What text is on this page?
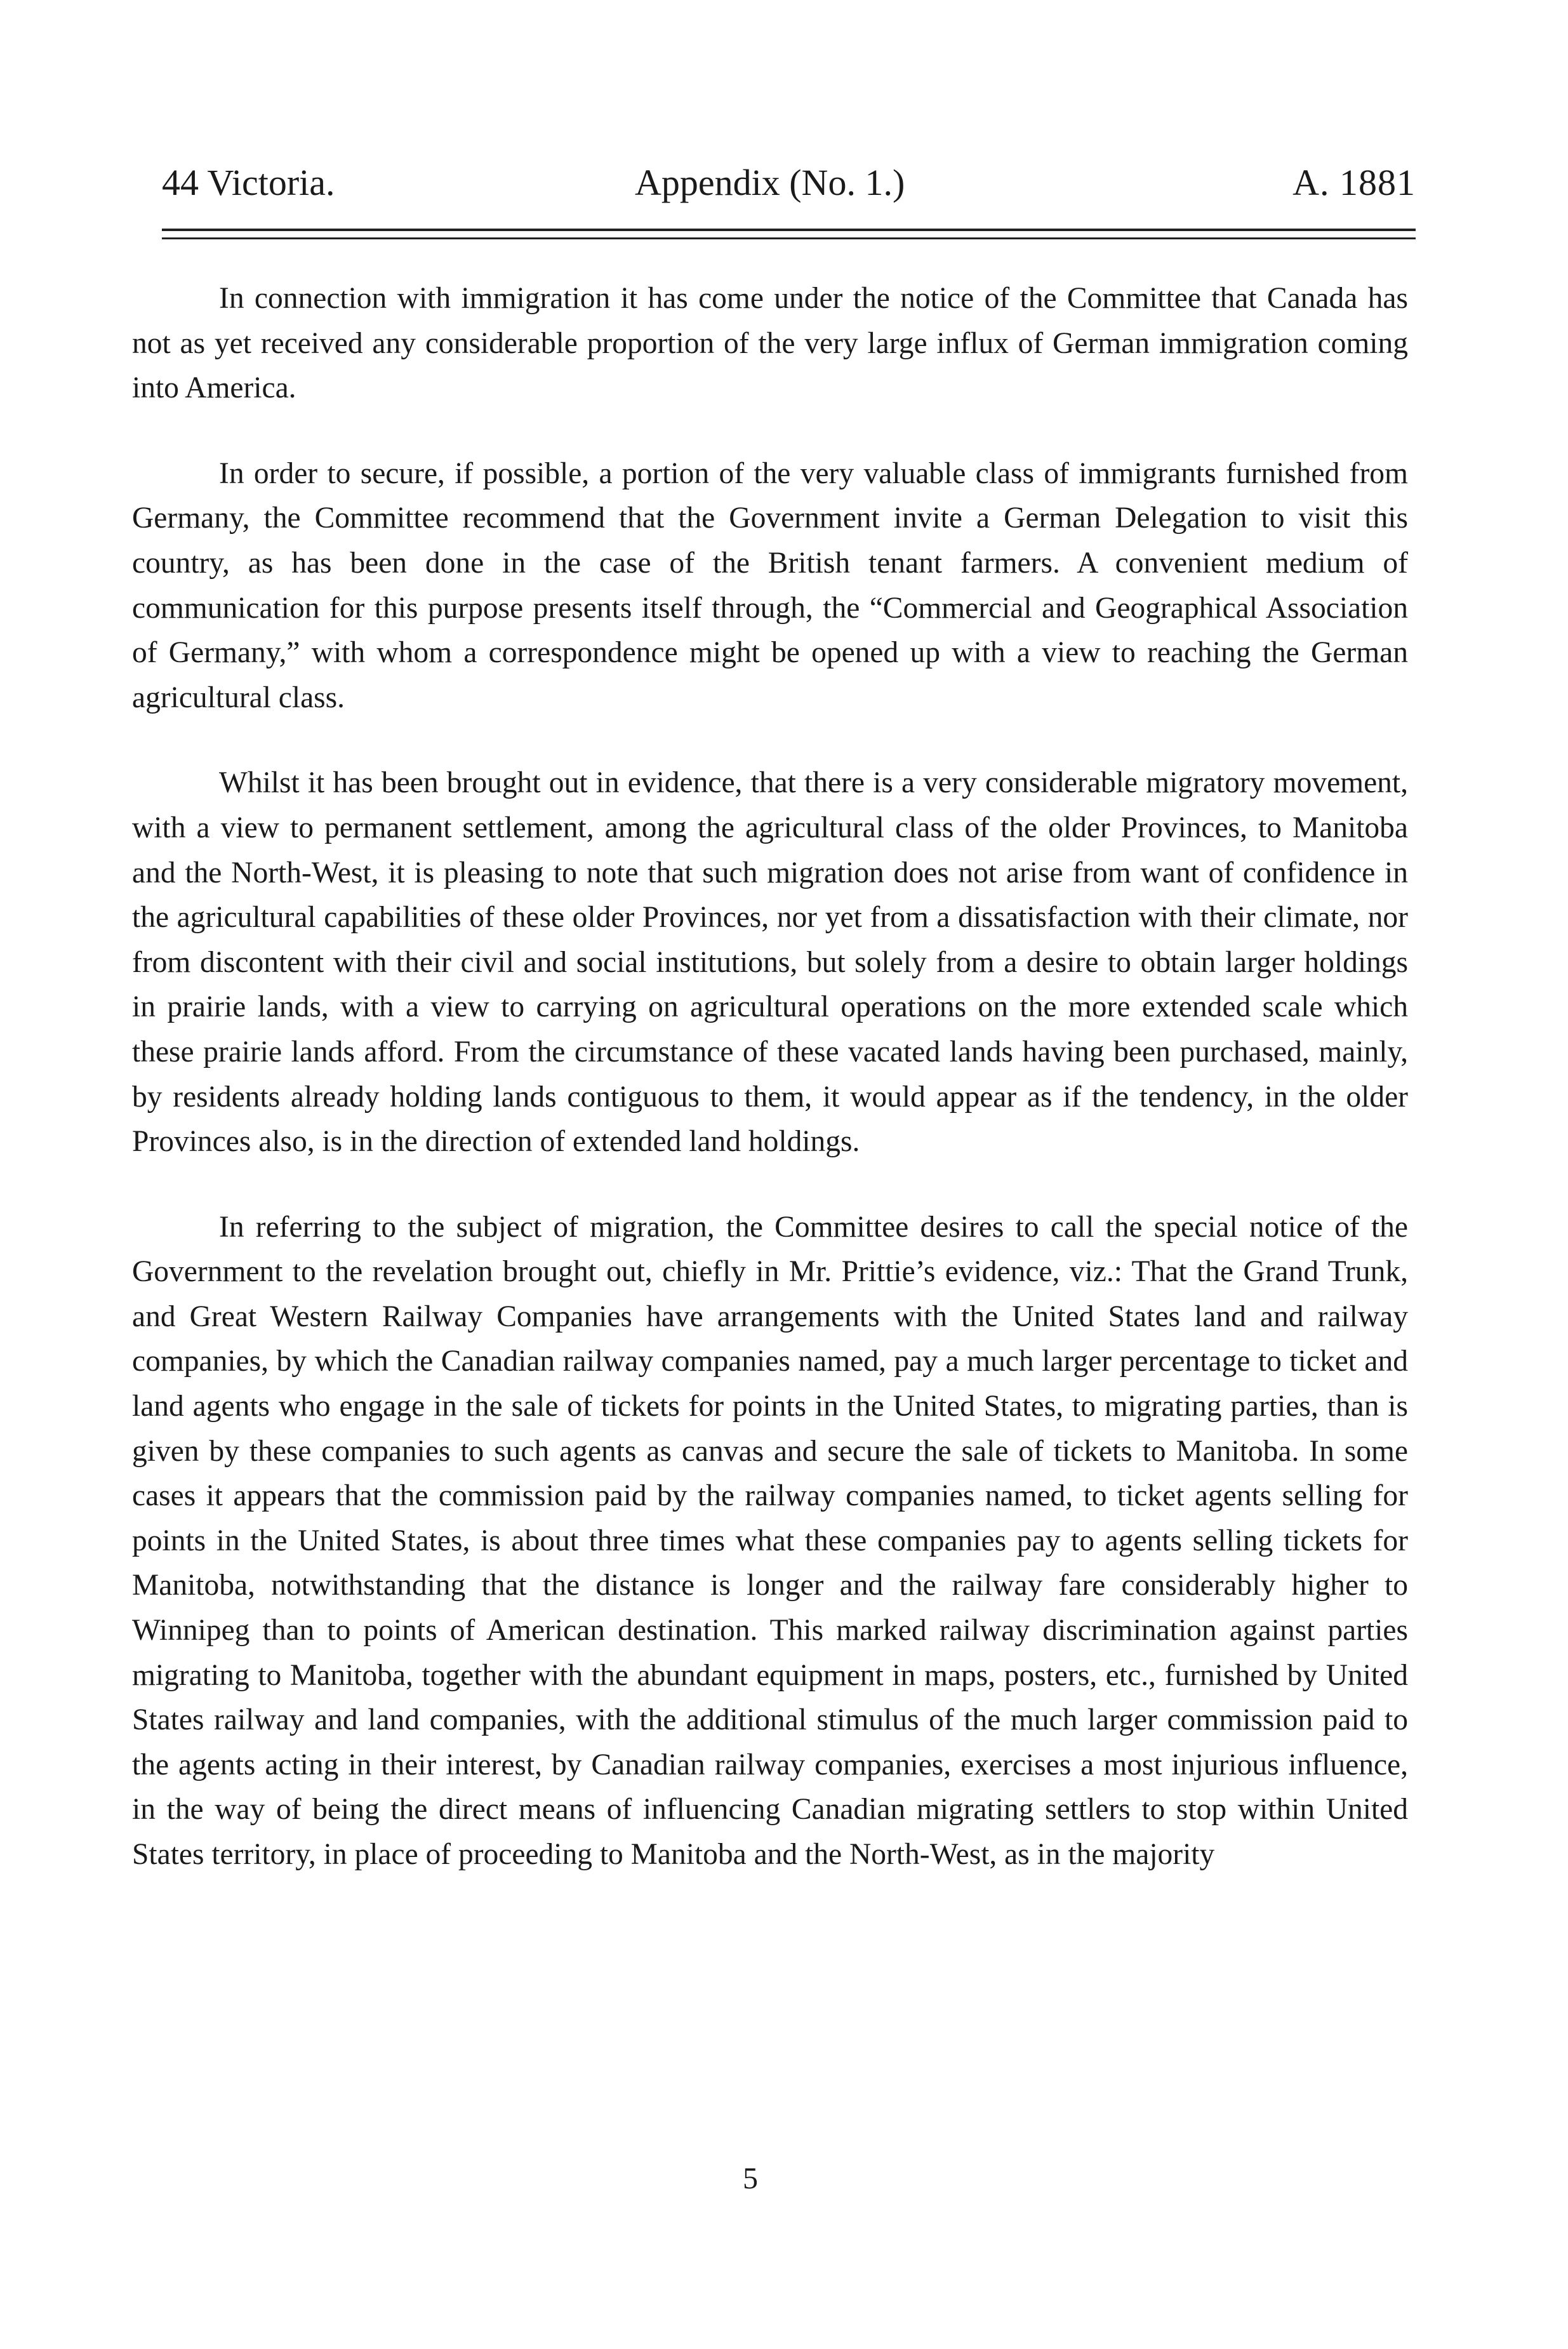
44 Victoria.	Appendix (No. 1.)	A. 1881

In connection with immigration it has come under the notice of the Committee that Canada has not as yet received any considerable proportion of the very large influx of German immigration coming into America.

In order to secure, if possible, a portion of the very valuable class of immigrants furnished from Germany, the Committee recommend that the Government invite a German Delegation to visit this country, as has been done in the case of the British tenant farmers. A convenient medium of communication for this purpose presents itself through, the “Commercial and Geographical Association of Germany,” with whom a correspondence might be opened up with a view to reaching the German agricultural class.

Whilst it has been brought out in evidence, that there is a very considerable migratory movement, with a view to permanent settlement, among the agricultural class of the older Provinces, to Manitoba and the North-West, it is pleasing to note that such migration does not arise from want of confidence in the agricultural capabilities of these older Provinces, nor yet from a dissatisfaction with their climate, nor from discontent with their civil and social institutions, but solely from a desire to obtain larger holdings in prairie lands, with a view to carrying on agricultural operations on the more extended scale which these prairie lands afford. From the circumstance of these vacated lands having been purchased, mainly, by residents already holding lands contiguous to them, it would appear as if the tendency, in the older Provinces also, is in the direction of extended land holdings.

In referring to the subject of migration, the Committee desires to call the special notice of the Government to the revelation brought out, chiefly in Mr. Prittie’s evidence, viz.: That the Grand Trunk, and Great Western Railway Companies have arrangements with the United States land and railway companies, by which the Canadian railway companies named, pay a much larger percentage to ticket and land agents who engage in the sale of tickets for points in the United States, to migrating parties, than is given by these companies to such agents as canvas and secure the sale of tickets to Manitoba. In some cases it appears that the commission paid by the railway companies named, to ticket agents selling for points in the United States, is about three times what these companies pay to agents selling tickets for Manitoba, notwithstanding that the distance is longer and the railway fare considerably higher to Winnipeg than to points of American destination. This marked railway discrimination against parties migrating to Manitoba, together with the abundant equipment in maps, posters, etc., furnished by United States railway and land companies, with the additional stimulus of the much larger commission paid to the agents acting in their interest, by Canadian railway companies, exercises a most injurious influence, in the way of being the direct means of influencing Canadian migrating settlers to stop within United States territory, in place of proceeding to Manitoba and the North-West, as in the majority

5
